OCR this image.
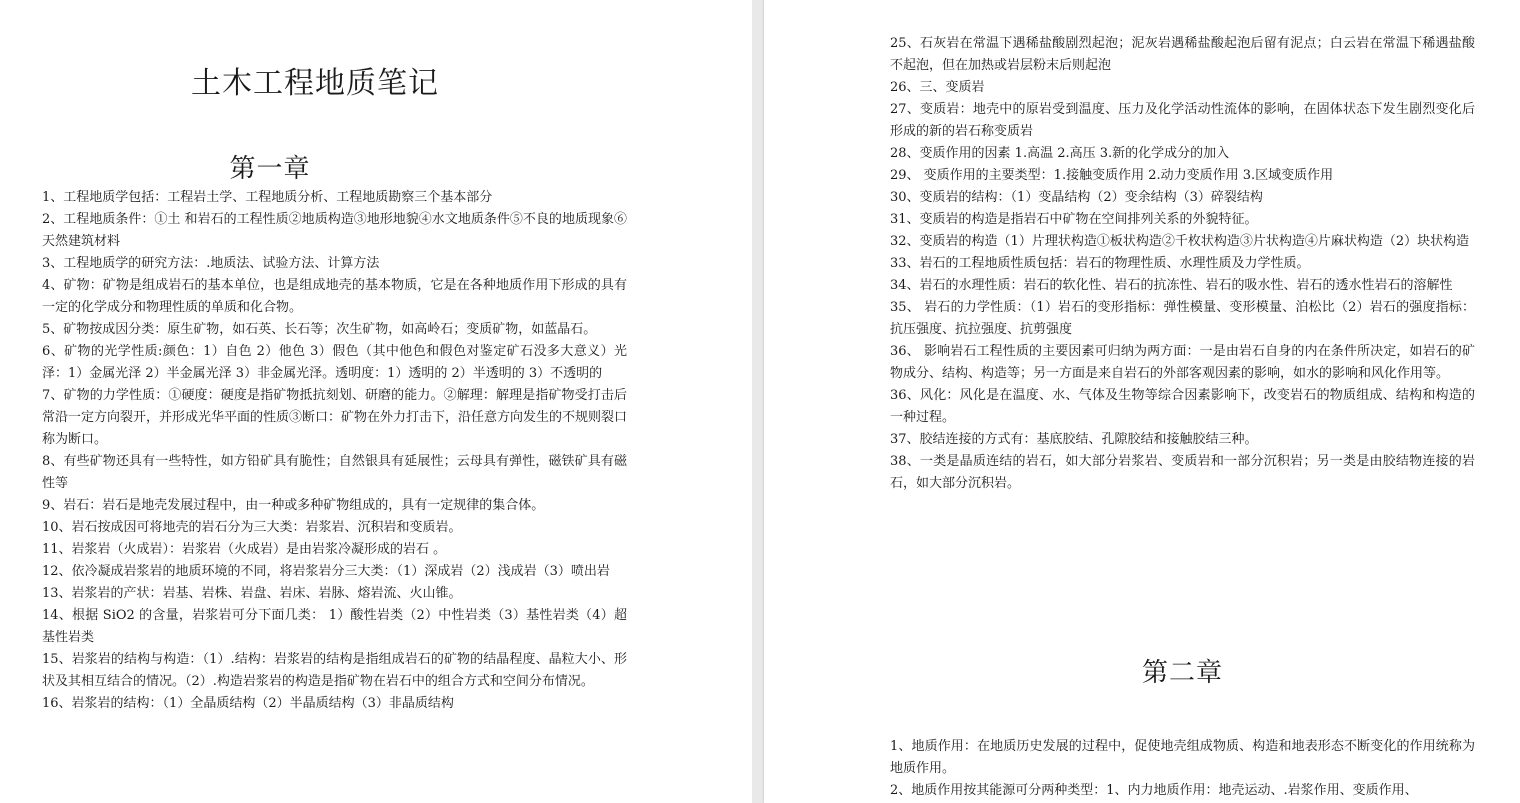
土木工程地质笔记
第一章

1、工程地质学包括：工程岩土学、工程地质分析、工程地质勘察三个基本部分

2、工程地质条件：①土 和岩石的工程性质②地质构造③地形地貌④水文地质条件⑤不良的地质现象⑥天然建筑材料

3、工程地质学的研究方法：.地质法、试验方法、计算方法

4、矿物：矿物是组成岩石的基本单位，也是组成地壳的基本物质，它是在各种地质作用下形成的具有一定的化学成分和物理性质的单质和化合物。

5、矿物按成因分类：原生矿物，如石英、长石等；次生矿物，如高岭石；变质矿物，如蓝晶石。

6、矿物的光学性质:颜色：1）自色 2）他色 3）假色（其中他色和假色对鉴定矿石没多大意义）光泽：1）金属光泽 2）半金属光泽 3）非金属光泽。透明度：1）透明的 2）半透明的 3）不透明的

7、矿物的力学性质：①硬度：硬度是指矿物抵抗刻划、研磨的能力。②解理：解理是指矿物受打击后常沿一定方向裂开，并形成光华平面的性质③断口：矿物在外力打击下，沿任意方向发生的不规则裂口称为断口。

8、有些矿物还具有一些特性，如方铅矿具有脆性；自然银具有延展性；云母具有弹性，磁铁矿具有磁性等

9、岩石：岩石是地壳发展过程中，由一种或多种矿物组成的，具有一定规律的集合体。

10、岩石按成因可将地壳的岩石分为三大类：岩浆岩、沉积岩和变质岩。

11、岩浆岩（火成岩）：岩浆岩（火成岩）是由岩浆冷凝形成的岩石 。

12、依冷凝成岩浆岩的地质环境的不同，将岩浆岩分三大类：（1）深成岩（2）浅成岩（3）喷出岩

13、岩浆岩的产状：岩基、岩株、岩盘、岩床、岩脉、熔岩流、火山锥。

14、根据 SiO2 的含量，岩浆岩可分下面几类： 1）酸性岩类（2）中性岩类（3）基性岩类（4）超基性岩类

15、岩浆岩的结构与构造：（1）.结构：岩浆岩的结构是指组成岩石的矿物的结晶程度、晶粒大小、形状及其相互结合的情况。（2）.构造岩浆岩的构造是指矿物在岩石中的组合方式和空间分布情况。

16、岩浆岩的结构：（1）全晶质结构（2）半晶质结构（3）非晶质结构

25、石灰岩在常温下遇稀盐酸剧烈起泡；泥灰岩遇稀盐酸起泡后留有泥点；白云岩在常温下稀遇盐酸不起泡，但在加热或岩层粉末后则起泡

26、三、变质岩

27、变质岩：地壳中的原岩受到温度、压力及化学活动性流体的影响，在固体状态下发生剧烈变化后形成的新的岩石称变质岩

28、变质作用的因素 1.高温 2.高压 3.新的化学成分的加入

29、 变质作用的主要类型：1.接触变质作用 2.动力变质作用 3.区域变质作用

30、变质岩的结构：（1）变晶结构（2）变余结构（3）碎裂结构

31、变质岩的构造是指岩石中矿物在空间排列关系的外貌特征。

32、变质岩的构造（1）片理状构造①板状构造②千枚状构造③片状构造④片麻状构造（2）块状构造

33、岩石的工程地质性质包括：岩石的物理性质、水理性质及力学性质。

34、岩石的水理性质：岩石的软化性、岩石的抗冻性、岩石的吸水性、岩石的透水性岩石的溶解性

35、 岩石的力学性质：（1）岩石的变形指标：弹性模量、变形模量、泊松比（2）岩石的强度指标：抗压强度、抗拉强度、抗剪强度

36、 影响岩石工程性质的主要因素可归纳为两方面：一是由岩石自身的内在条件所决定，如岩石的矿物成分、结构、构造等；另一方面是来自岩石的外部客观因素的影响，如水的影响和风化作用等。

36、风化：风化是在温度、水、气体及生物等综合因素影响下，改变岩石的物质组成、结构和构造的一种过程。

37、胶结连接的方式有：基底胶结、孔隙胶结和接触胶结三种。

38、一类是晶质连结的岩石，如大部分岩浆岩、变质岩和一部分沉积岩；另一类是由胶结物连接的岩石，如大部分沉积岩。

第二章

1、地质作用：在地质历史发展的过程中，促使地壳组成物质、构造和地表形态不断变化的作用统称为地质作用。

2、地质作用按其能源可分两种类型：1、内力地质作用：地壳运动、.岩浆作用、变质作用、
